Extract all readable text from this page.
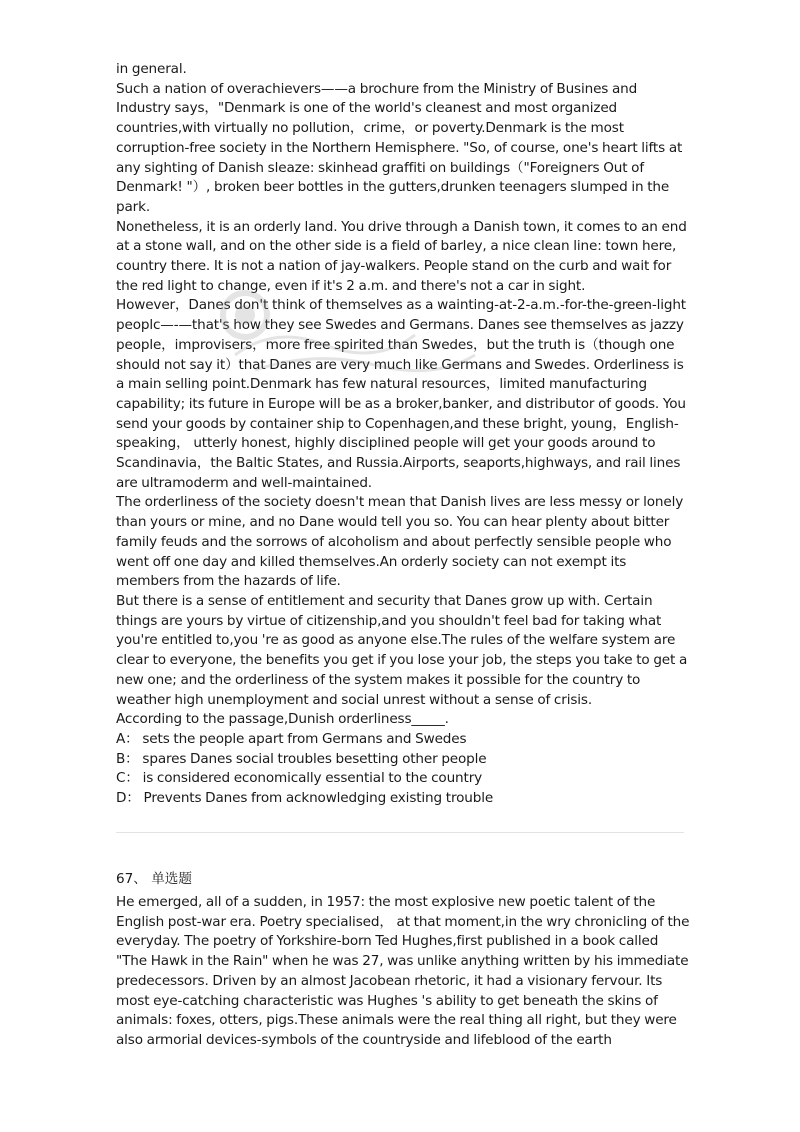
in general.

Such a nation of overachievers——a brochure from the Ministry of Busines and Industry says，"Denmark is one of the world's cleanest and most organized countries,with virtually no pollution，crime，or poverty.Denmark is the most corruption-free society in the Northern Hemisphere. "So, of course, one's heart lifts at any sighting of Danish sleaze: skinhead graffiti on buildings（"Foreigners Out of Denmark! "）, broken beer bottles in the gutters,drunken teenagers slumped in the park.

Nonetheless, it is an orderly land. You drive through a Danish town, it comes to an end at a stone wall, and on the other side is a field of barley, a nice clean line: town here, country there. It is not a nation of jay-walkers. People stand on the curb and wait for the red light to change, even if it's 2 a.m. and there's not a car in sight.

However，Danes don't think of themselves as a wainting-at-2-a.m.-for-the-green-light peoplc—-—that's how they see Swedes and Germans. Danes see themselves as jazzy people，improvisers，more free spirited than Swedes，but the truth is（though one should not say it）that Danes are very much like Germans and Swedes. Orderliness is a main selling point.Denmark has few natural resources，limited manufacturing capability; its future in Europe will be as a broker,banker, and distributor of goods. You send your goods by container ship to Copenhagen,and these bright, young，English-speaking， utterly honest, highly disciplined people will get your goods around to Scandinavia，the Baltic States, and Russia.Airports, seaports,highways, and rail lines are ultramoderm and well-maintained.

The orderliness of the society doesn't mean that Danish lives are less messy or lonely than yours or mine, and no Dane would tell you so. You can hear plenty about bitter family feuds and the sorrows of alcoholism and about perfectly sensible people who went off one day and killed themselves.An orderly society can not exempt its members from the hazards of life.

But there is a sense of entitlement and security that Danes grow up with. Certain things are yours by virtue of citizenship,and you shouldn't feel bad for taking what you're entitled to,you 're as good as anyone else.The rules of the welfare system are clear to everyone, the benefits you get if you lose your job, the steps you take to get a new one; and the orderliness of the system makes it possible for the country to weather high unemployment and social unrest without a sense of crisis.

According to the passage,Dunish orderliness_____.

A： sets the people apart from Germans and Swedes
B： spares Danes social troubles besetting other people
C： is considered economically essential to the country
D： Prevents Danes from acknowledging existing trouble
67、 单选题

He emerged, all of a sudden, in 1957: the most explosive new poetic talent of the English post-war era. Poetry specialised， at that moment,in the wry chronicling of the everyday. The poetry of Yorkshire-born Ted Hughes,first published in a book called "The Hawk in the Rain" when he was 27, was unlike anything written by his immediate predecessors. Driven by an almost Jacobean rhetoric, it had a visionary fervour. Its most eye-catching characteristic was Hughes 's ability to get beneath the skins of animals: foxes, otters, pigs.These animals were the real thing all right, but they were also armorial devices-symbols of the countryside and lifeblood of the earth
